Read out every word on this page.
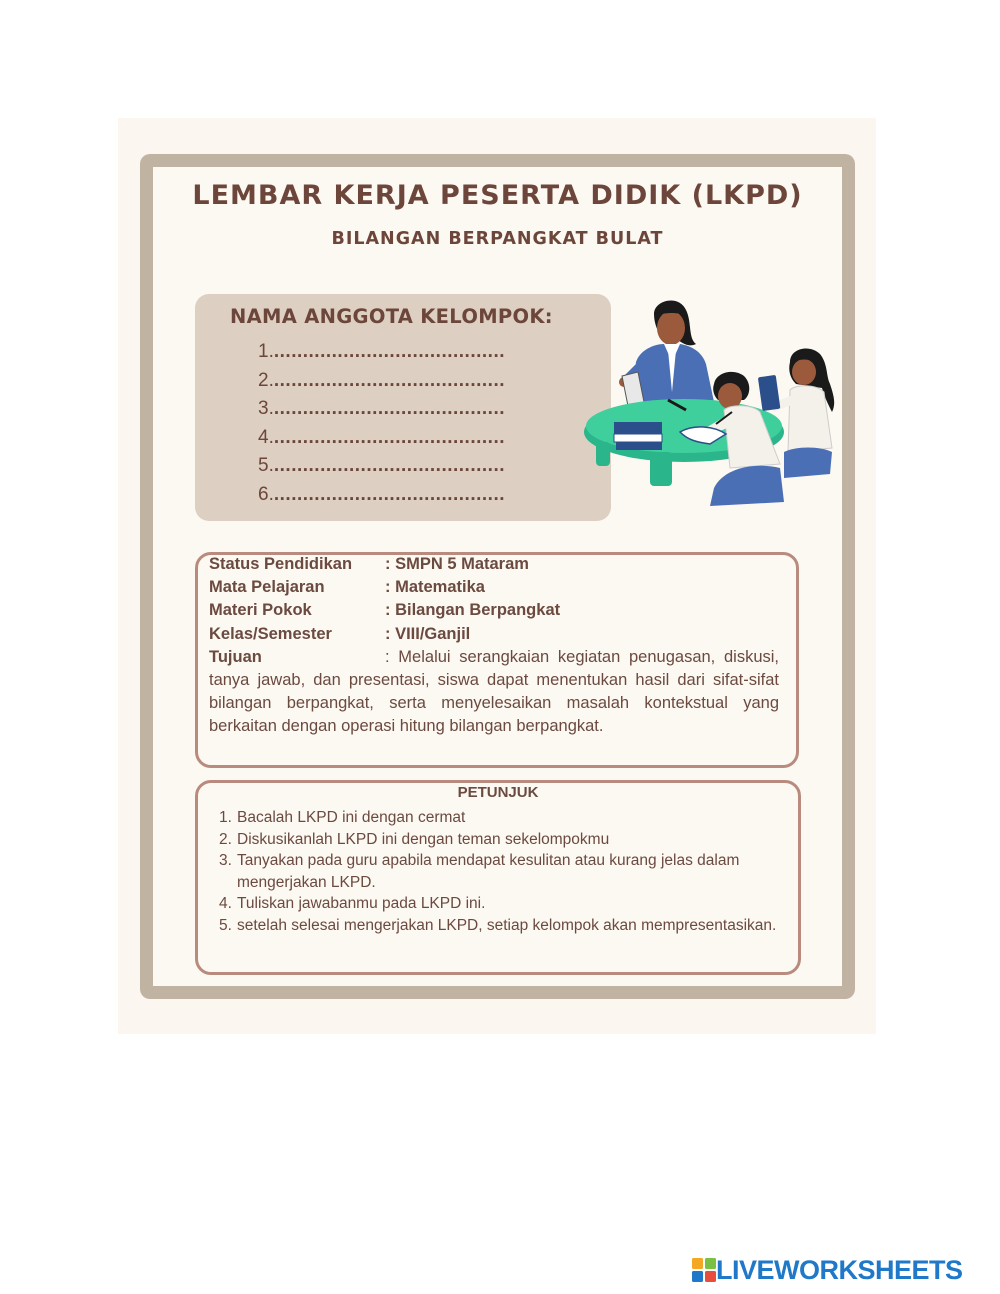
LEMBAR KERJA PESERTA DIDIK (LKPD)
BILANGAN BERPANGKAT BULAT
NAMA ANGGOTA KELOMPOK:
1.........................................
2.........................................
3.........................................
4.........................................
5.........................................
6.........................................
Status Pendidikan : SMPN 5 Mataram
Mata Pelajaran	: Matematika
Materi Pokok	: Bilangan Berpangkat
Kelas/Semester	: VIII/Ganjil
Tujuan	: Melalui serangkaian kegiatan penugasan, diskusi, tanya jawab, dan presentasi, siswa dapat menentukan hasil dari sifat-sifat bilangan berpangkat, serta menyelesaikan masalah kontekstual yang berkaitan dengan operasi hitung bilangan berpangkat.
PETUNJUK
1. Bacalah LKPD ini dengan cermat
2. Diskusikanlah LKPD ini dengan teman sekelompokmu
3. Tanyakan pada guru apabila mendapat kesulitan atau kurang jelas dalam mengerjakan LKPD.
4. Tuliskan jawabanmu pada LKPD ini.
5. setelah selesai mengerjakan LKPD, setiap kelompok akan mempresentasikan.
LIVEWORKSHEETS
